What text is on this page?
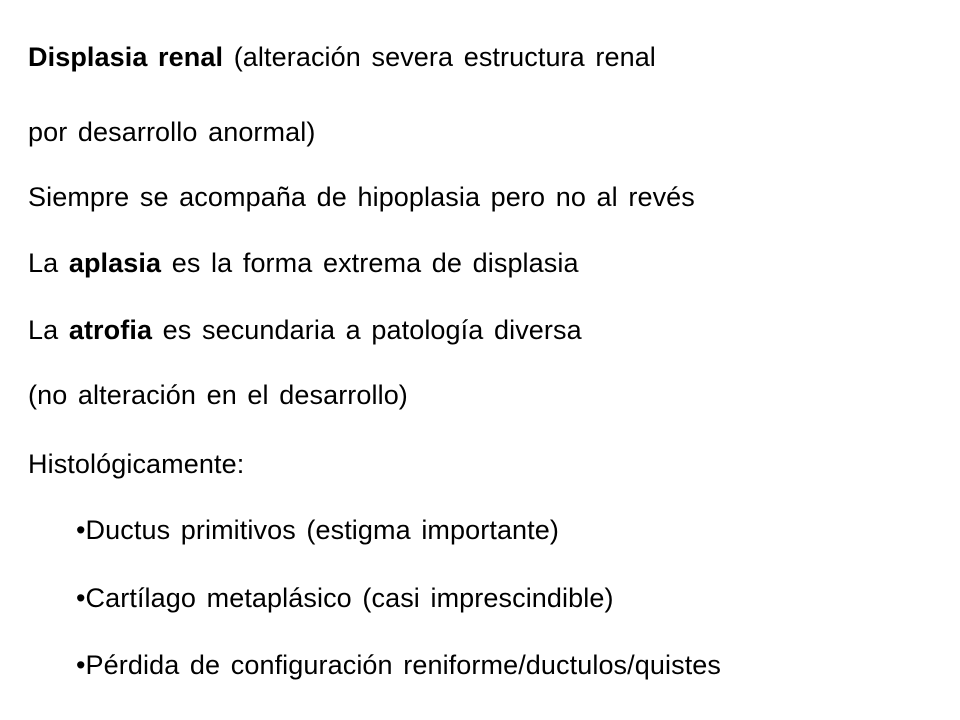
Displasia renal (alteración severa estructura renal
por desarrollo anormal)
Siempre se acompaña de hipoplasia pero no al revés
La aplasia es la forma extrema de displasia
La atrofia es secundaria a patología diversa
(no alteración en el desarrollo)
Histológicamente:
•Ductus primitivos (estigma importante)
•Cartílago metaplásico (casi imprescindible)
•Pérdida de configuración reniforme/ductulos/quistes
